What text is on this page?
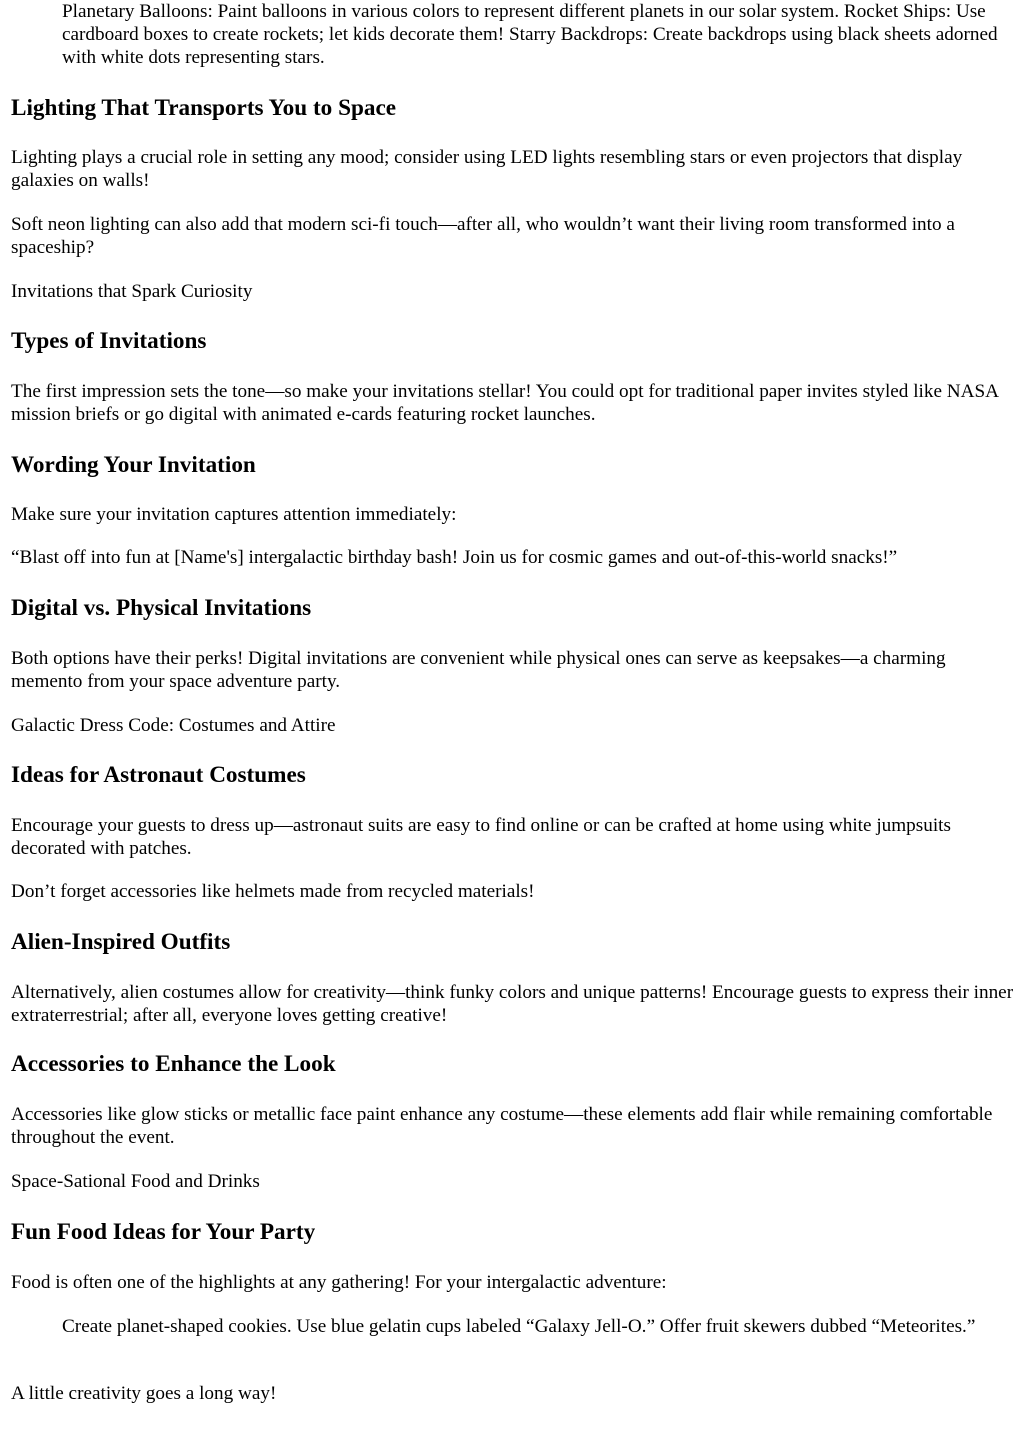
Planetary Balloons: Paint balloons in various colors to represent different planets in our solar system. Rocket Ships: Use cardboard boxes to create rockets; let kids decorate them! Starry Backdrops: Create backdrops using black sheets adorned with white dots representing stars.

Lighting That Transports You to Space

Lighting plays a crucial role in setting any mood; consider using LED lights resembling stars or even projectors that display galaxies on walls!

Soft neon lighting can also add that modern sci-fi touch—after all, who wouldn’t want their living room transformed into a spaceship?

Invitations that Spark Curiosity

Types of Invitations

The first impression sets the tone—so make your invitations stellar! You could opt for traditional paper invites styled like NASA mission briefs or go digital with animated e-cards featuring rocket launches.

Wording Your Invitation

Make sure your invitation captures attention immediately:

“Blast off into fun at [Name's] intergalactic birthday bash! Join us for cosmic games and out-of-this-world snacks!”

Digital vs. Physical Invitations

Both options have their perks! Digital invitations are convenient while physical ones can serve as keepsakes—a charming memento from your space adventure party.

Galactic Dress Code: Costumes and Attire

Ideas for Astronaut Costumes

Encourage your guests to dress up—astronaut suits are easy to find online or can be crafted at home using white jumpsuits decorated with patches.

Don’t forget accessories like helmets made from recycled materials!

Alien-Inspired Outfits

Alternatively, alien costumes allow for creativity—think funky colors and unique patterns! Encourage guests to express their inner extraterrestrial; after all, everyone loves getting creative!

Accessories to Enhance the Look

Accessories like glow sticks or metallic face paint enhance any costume—these elements add flair while remaining comfortable throughout the event.

Space-Sational Food and Drinks

Fun Food Ideas for Your Party

Food is often one of the highlights at any gathering! For your intergalactic adventure:

Create planet-shaped cookies. Use blue gelatin cups labeled “Galaxy Jell-O.” Offer fruit skewers dubbed “Meteorites.”

A little creativity goes a long way!
